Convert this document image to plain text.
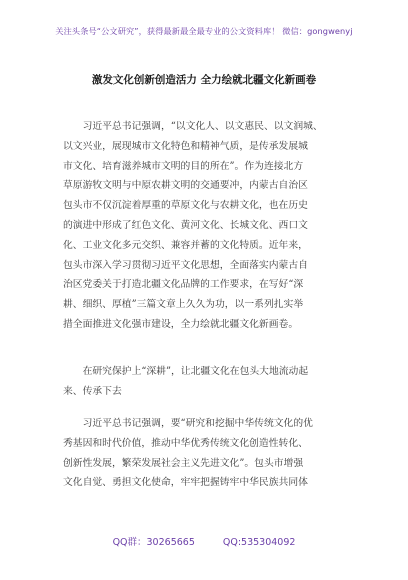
关注头条号“公文研究”，获得最新最全最专业的公文资料库！ 微信：gongwenyj
激发文化创新创造活力 全力绘就北疆文化新画卷
　　习近平总书记强调，“以文化人、以文惠民、以文润城、
以文兴业，展现城市文化特色和精神气质，是传承发展城
市文化、培育滋养城市文明的目的所在”。作为连接北方
草原游牧文明与中原农耕文明的交通要冲，内蒙古自治区
包头市不仅沉淀着厚重的草原文化与农耕文化，也在历史
的演进中形成了红色文化、黄河文化、长城文化、西口文
化、工业文化多元交织、兼容并蓄的文化特质。近年来，
包头市深入学习贯彻习近平文化思想，全面落实内蒙古自
治区党委关于打造北疆文化品牌的工作要求，在写好“深
耕、细织、厚植”三篇文章上久久为功，以一系列扎实举
措全面推进文化强市建设，全力绘就北疆文化新画卷。
　　在研究保护上“深耕”，让北疆文化在包头大地流动起
来、传承下去
　　习近平总书记强调，要“研究和挖掘中华传统文化的优
秀基因和时代价值，推动中华优秀传统文化创造性转化、
创新性发展，繁荣发展社会主义先进文化”。包头市增强
文化自觉、勇担文化使命，牢牢把握铸牢中华民族共同体
QQ群：30265665	QQ:535304092
